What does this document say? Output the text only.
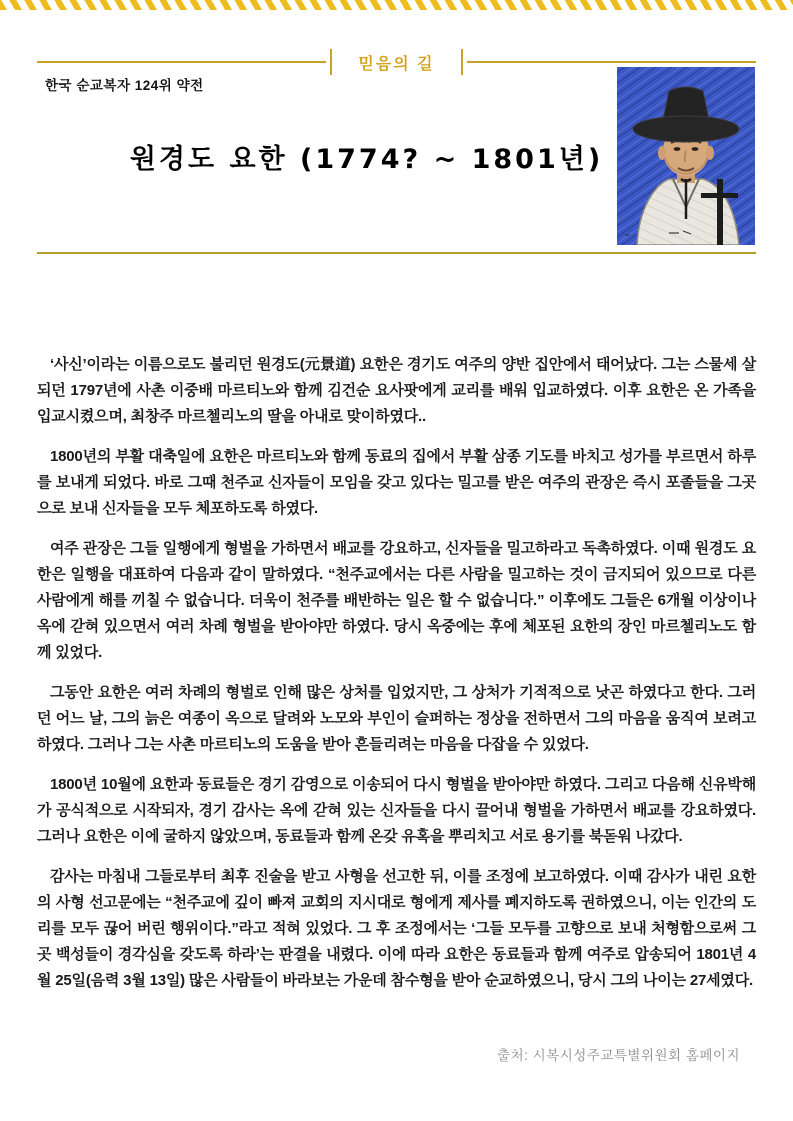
믿음의 길
한국 순교복자 124위 약전
원경도 요한 (1774? ~ 1801년)

‘사신’이라는 이름으로도 불리던 원경도(元景道) 요한은 경기도 여주의 양반 집안에서 태어났다. 그는 스물세 살 되던 1797년에 사촌 이중배 마르티노와 함께 김건순 요사팟에게 교리를 배워 입교하였다. 이후 요한은 온 가족을 입교시켰으며, 최창주 마르첼리노의 딸을 아내로 맞이하였다..

1800년의 부활 대축일에 요한은 마르티노와 함께 동료의 집에서 부활 삼종 기도를 바치고 성가를 부르면서 하루를 보내게 되었다. 바로 그때 천주교 신자들이 모임을 갖고 있다는 밀고를 받은 여주의 관장은 즉시 포졸들을 그곳으로 보내 신자들을 모두 체포하도록 하였다.

여주 관장은 그들 일행에게 형벌을 가하면서 배교를 강요하고, 신자들을 밀고하라고 독촉하였다. 이때 원경도 요한은 일행을 대표하여 다음과 같이 말하였다. “천주교에서는 다른 사람을 밀고하는 것이 금지되어 있으므로 다른 사람에게 해를 끼칠 수 없습니다. 더욱이 천주를 배반하는 일은 할 수 없습니다.” 이후에도 그들은 6개월 이상이나 옥에 갇혀 있으면서 여러 차례 형벌을 받아야만 하였다. 당시 옥중에는 후에 체포된 요한의 장인 마르첼리노도 함께 있었다.

그동안 요한은 여러 차례의 형벌로 인해 많은 상처를 입었지만, 그 상처가 기적적으로 낫곤 하였다고 한다. 그러던 어느 날, 그의 늙은 여종이 옥으로 달려와 노모와 부인이 슬퍼하는 정상을 전하면서 그의 마음을 움직여 보려고 하였다. 그러나 그는 사촌 마르티노의 도움을 받아 흔들리려는 마음을 다잡을 수 있었다.

1800년 10월에 요한과 동료들은 경기 감영으로 이송되어 다시 형벌을 받아야만 하였다. 그리고 다음해 신유박해가 공식적으로 시작되자, 경기 감사는 옥에 갇혀 있는 신자들을 다시 끌어내 형벌을 가하면서 배교를 강요하였다. 그러나 요한은 이에 굴하지 않았으며, 동료들과 함께 온갖 유혹을 뿌리치고 서로 용기를 북돋워 나갔다.

감사는 마침내 그들로부터 최후 진술을 받고 사형을 선고한 뒤, 이를 조정에 보고하였다. 이때 감사가 내린 요한의 사형 선고문에는 “천주교에 깊이 빠져 교회의 지시대로 형에게 제사를 폐지하도록 권하였으니, 이는 인간의 도리를 모두 끊어 버린 행위이다.”라고 적혀 있었다. 그 후 조정에서는 ‘그들 모두를 고향으로 보내 처형함으로써 그곳 백성들이 경각심을 갖도록 하라’는 판결을 내렸다. 이에 따라 요한은 동료들과 함께 여주로 압송되어 1801년 4월 25일(음력 3월 13일) 많은 사람들이 바라보는 가운데 참수형을 받아 순교하였으니, 당시 그의 나이는 27세였다.

출처: 시복시성주교특별위원회 홈페이지
